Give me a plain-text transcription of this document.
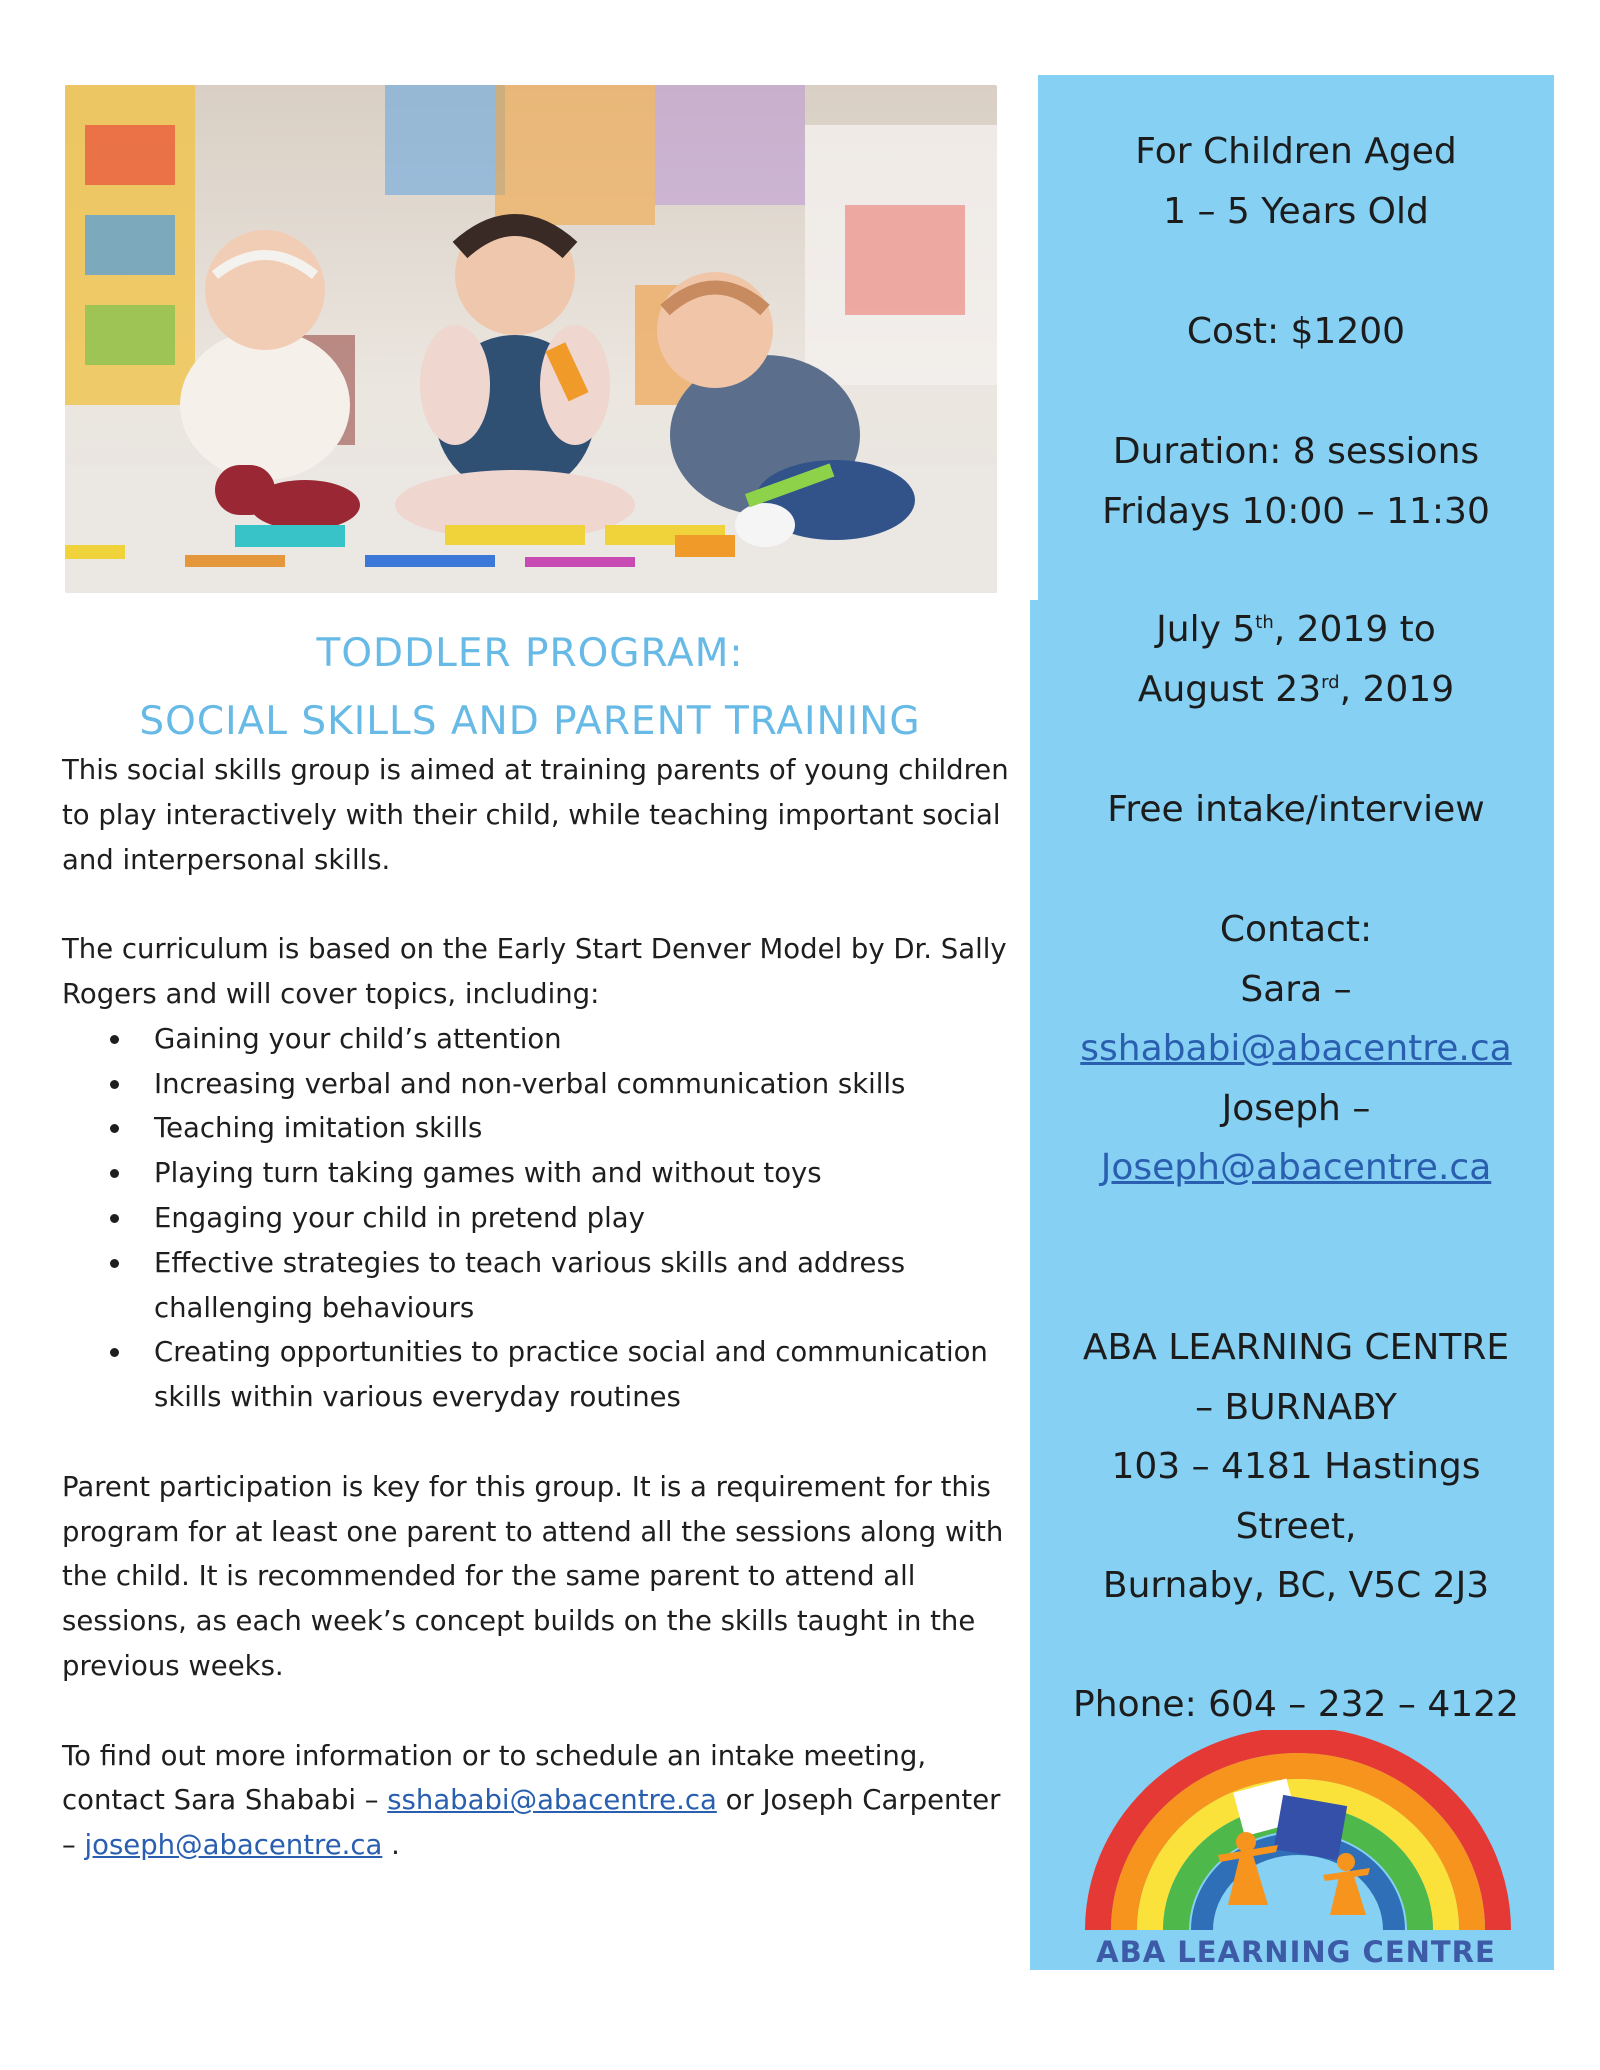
TODDLER PROGRAM:
SOCIAL SKILLS AND PARENT TRAINING

This social skills group is aimed at training parents of young children to play interactively with their child, while teaching important social and interpersonal skills.

The curriculum is based on the Early Start Denver Model by Dr. Sally Rogers and will cover topics, including:

Gaining your child’s attention
Increasing verbal and non-verbal communication skills
Teaching imitation skills
Playing turn taking games with and without toys
Engaging your child in pretend play
Effective strategies to teach various skills and address challenging behaviours
Creating opportunities to practice social and communication skills within various everyday routines

Parent participation is key for this group. It is a requirement for this program for at least one parent to attend all the sessions along with the child. It is recommended for the same parent to attend all sessions, as each week’s concept builds on the skills taught in the previous weeks.

To find out more information or to schedule an intake meeting, contact Sara Shababi – sshababi@abacentre.ca or Joseph Carpenter – joseph@abacentre.ca .

For Children Aged
1 – 5 Years Old
Cost: $1200
Duration: 8 sessions
Fridays 10:00 – 11:30
July 5th, 2019 to
August 23rd, 2019
Free intake/interview
Contact:
Sara –
sshababi@abacentre.ca
Joseph –
Joseph@abacentre.ca
ABA LEARNING CENTRE
– BURNABY
103 – 4181 Hastings
Street,
Burnaby, BC, V5C 2J3
Phone: 604 – 232 – 4122
ABA LEARNING CENTRE
